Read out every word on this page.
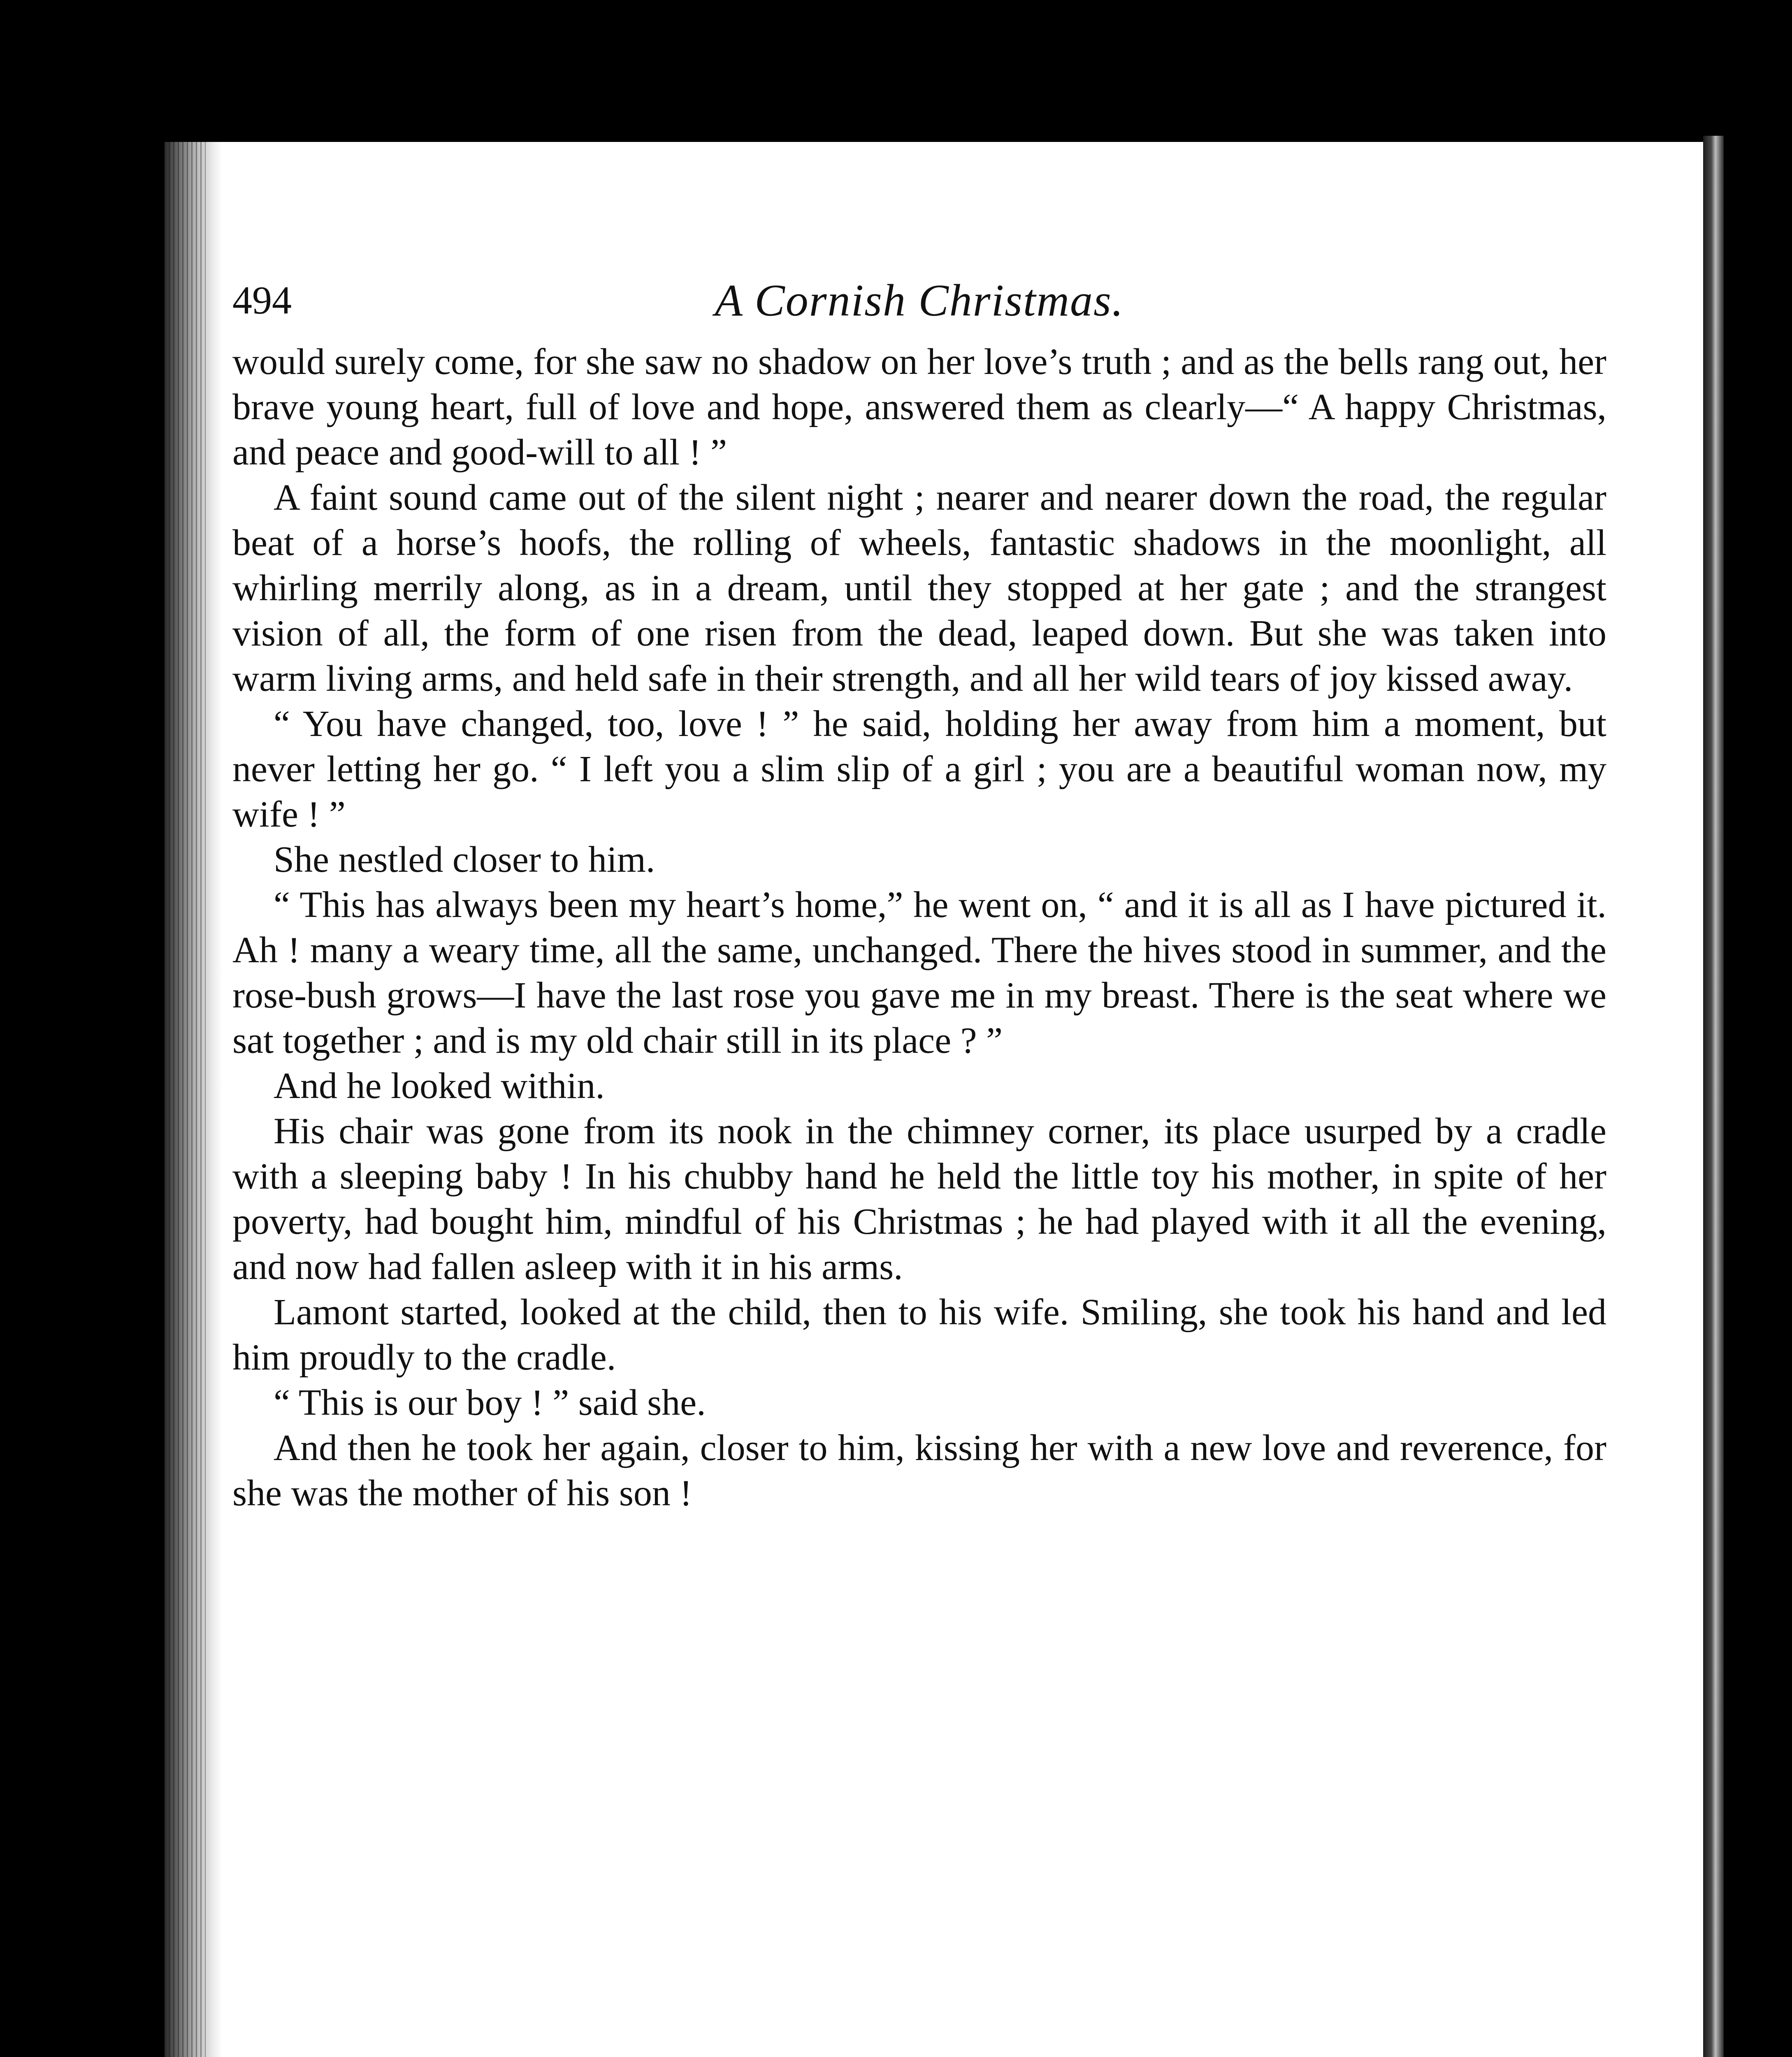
A Cornish Christmas.
494

would surely come, for she saw no shadow on her love’s truth ; and as the bells rang out, her brave young heart, full of love and hope, answered them as clearly—“ A happy Christmas, and peace and good-will to all ! ”

A faint sound came out of the silent night ; nearer and nearer down the road, the regular beat of a horse’s hoofs, the rolling of wheels, fantastic shadows in the moonlight, all whirling merrily along, as in a dream, until they stopped at her gate ; and the strangest vision of all, the form of one risen from the dead, leaped down. But she was taken into warm living arms, and held safe in their strength, and all her wild tears of joy kissed away.

“ You have changed, too, love ! ” he said, holding her away from him a moment, but never letting her go. “ I left you a slim slip of a girl ; you are a beautiful woman now, my wife ! ”

She nestled closer to him.

“ This has always been my heart’s home,” he went on, “ and it is all as I have pictured it. Ah ! many a weary time, all the same, unchanged. There the hives stood in summer, and the rose-bush grows—I have the last rose you gave me in my breast. There is the seat where we sat together ; and is my old chair still in its place ? ”

And he looked within.

His chair was gone from its nook in the chimney corner, its place usurped by a cradle with a sleeping baby ! In his chubby hand he held the little toy his mother, in spite of her poverty, had bought him, mindful of his Christmas ; he had played with it all the evening, and now had fallen asleep with it in his arms.

Lamont started, looked at the child, then to his wife. Smiling, she took his hand and led him proudly to the cradle.

“ This is our boy ! ” said she.

And then he took her again, closer to him, kissing her with a new love and reverence, for she was the mother of his son !
